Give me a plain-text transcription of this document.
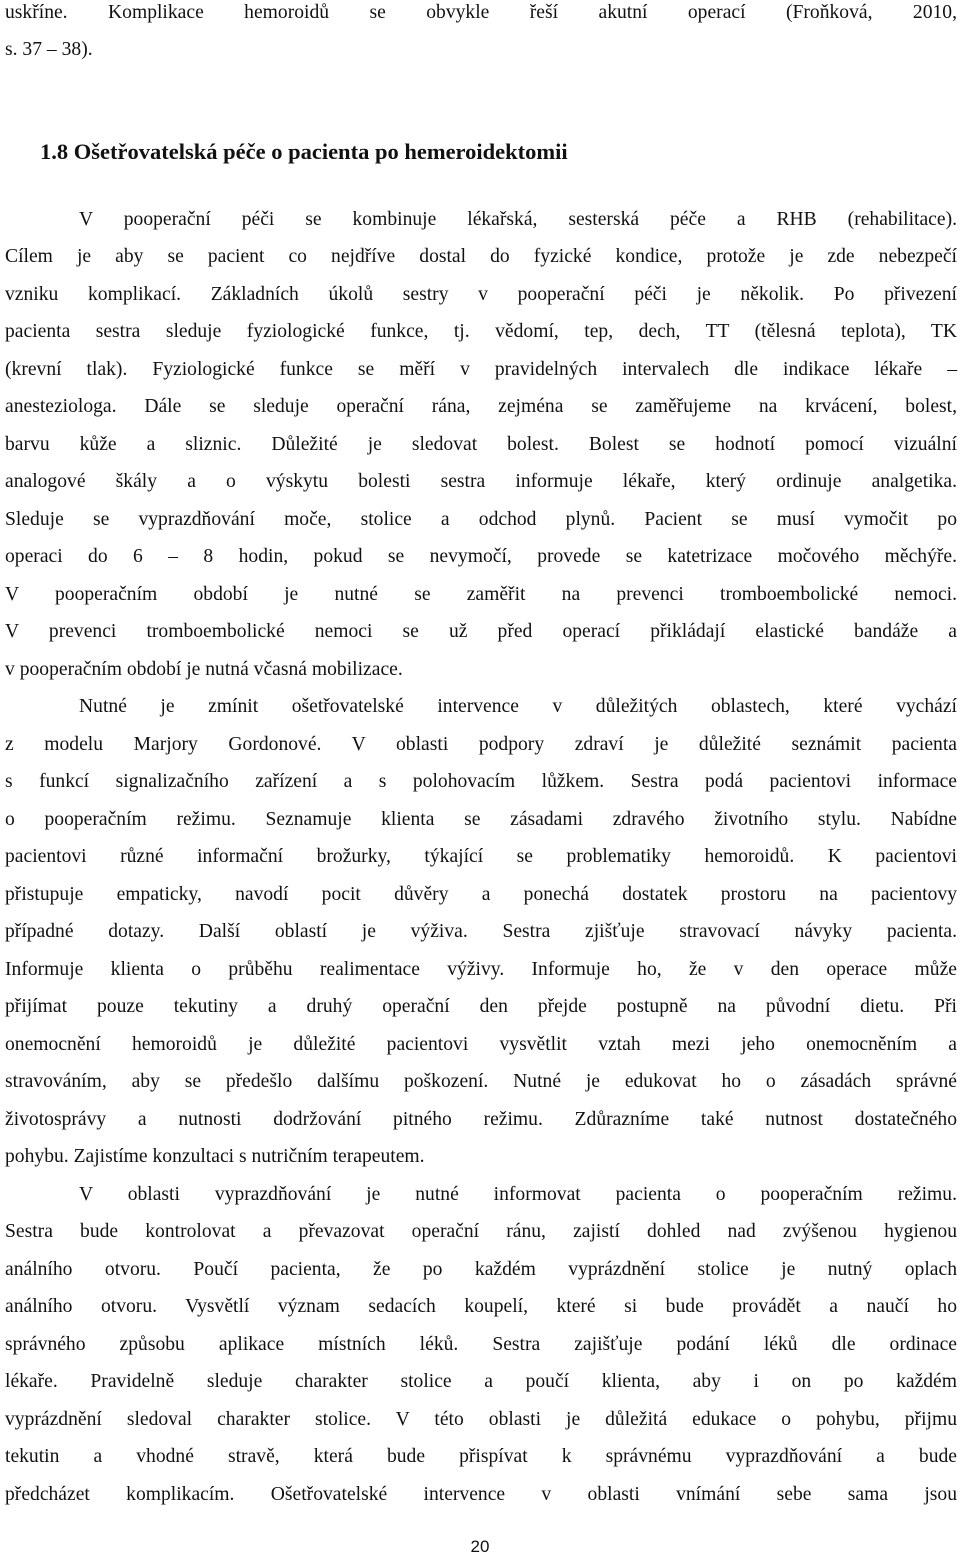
uskříne. Komplikace hemoroidů se obvykle řeší akutní operací (Froňková, 2010,
s. 37 – 38).
1.8 Ošetřovatelská péče o pacienta po hemeroidektomii
V pooperační péči se kombinuje lékařská, sesterská péče a RHB (rehabilitace).
Cílem je aby se pacient co nejdříve dostal do fyzické kondice, protože je zde nebezpečí
vzniku komplikací. Základních úkolů sestry v pooperační péči je několik. Po přivezení
pacienta sestra sleduje fyziologické funkce, tj. vědomí, tep, dech, TT (tělesná teplota), TK
(krevní tlak). Fyziologické funkce se měří v pravidelných intervalech dle indikace lékaře –
anesteziologa. Dále se sleduje operační rána, zejména se zaměřujeme na krvácení, bolest,
barvu kůže a sliznic. Důležité je sledovat bolest. Bolest se hodnotí pomocí vizuální
analogové škály a o výskytu bolesti sestra informuje lékaře, který ordinuje analgetika.
Sleduje se vyprazdňování moče, stolice a odchod plynů. Pacient se musí vymočit po
operaci do 6 – 8 hodin, pokud se nevymočí, provede se katetrizace močového měchýře.
V pooperačním období je nutné se zaměřit na prevenci tromboembolické nemoci.
V prevenci tromboembolické nemoci se už před operací přikládají elastické bandáže a
v pooperačním období je nutná včasná mobilizace.
Nutné je zmínit ošetřovatelské intervence v důležitých oblastech, které vychází
z modelu Marjory Gordonové. V oblasti podpory zdraví je důležité seznámit pacienta
s funkcí signalizačního zařízení a s polohovacím lůžkem. Sestra podá pacientovi informace
o pooperačním režimu. Seznamuje klienta se zásadami zdravého životního stylu. Nabídne
pacientovi různé informační brožurky, týkající se problematiky hemoroidů. K pacientovi
přistupuje empaticky, navodí pocit důvěry a ponechá dostatek prostoru na pacientovy
případné dotazy. Další oblastí je výživa. Sestra zjišťuje stravovací návyky pacienta.
Informuje klienta o průběhu realimentace výživy. Informuje ho, že v den operace může
přijímat pouze tekutiny a druhý operační den přejde postupně na původní dietu. Při
onemocnění hemoroidů je důležité pacientovi vysvětlit vztah mezi jeho onemocněním a
stravováním, aby se předešlo dalšímu poškození. Nutné je edukovat ho o zásadách správné
životosprávy a nutnosti dodržování pitného režimu. Zdůrazníme také nutnost dostatečného
pohybu. Zajistíme konzultaci s nutričním terapeutem.
V oblasti vyprazdňování je nutné informovat pacienta o pooperačním režimu.
Sestra bude kontrolovat a převazovat operační ránu, zajistí dohled nad zvýšenou hygienou
análního otvoru. Poučí pacienta, že po každém vyprázdnění stolice je nutný oplach
análního otvoru. Vysvětlí význam sedacích koupelí, které si bude provádět a naučí ho
správného způsobu aplikace místních léků. Sestra zajišťuje podání léků dle ordinace
lékaře. Pravidelně sleduje charakter stolice a poučí klienta, aby i on po každém
vyprázdnění sledoval charakter stolice. V této oblasti je důležitá edukace o pohybu, přijmu
tekutin a vhodné stravě, která bude přispívat k správnému vyprazdňování a bude
předcházet komplikacím. Ošetřovatelské intervence v oblasti vnímání sebe sama jsou
20
